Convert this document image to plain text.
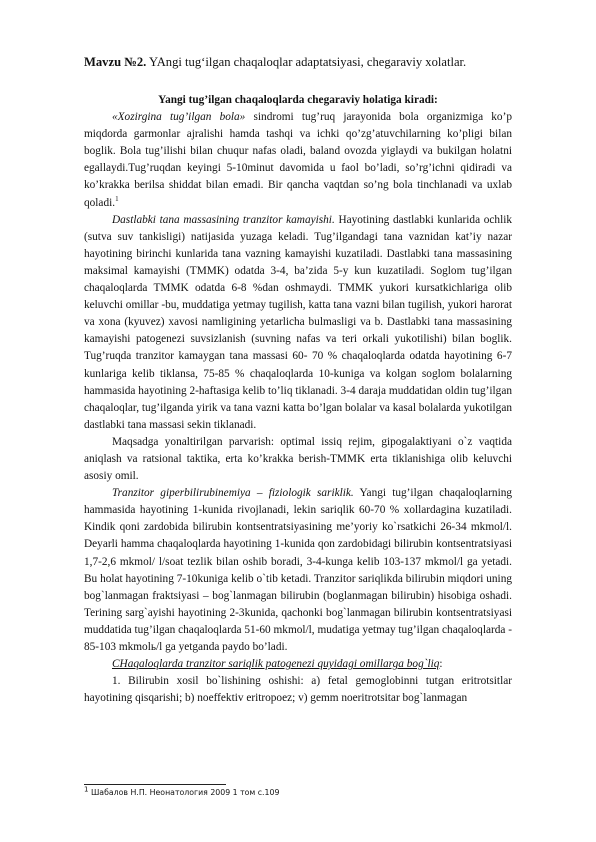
Mavzu №2. YAngi tug‘ilgan chaqaloqlar adaptatsiyasi, chegaraviy xolatlar.

Yangi tug’ilgan chaqaloqlarda chegaraviy holatiga kiradi:

«Xozirgina tug’ilgan bola» sindromi tug’ruq jarayonida bola organizmiga ko’p miqdorda garmonlar ajralishi hamda tashqi va ichki qo’zg’atuvchilarning ko’pligi bilan boglik. Bola tug’ilishi bilan chuqur nafas oladi, baland ovozda yiglaydi va bukilgan holatni egallaydi.Tug’ruqdan keyingi 5-10minut davomida u faol bo’ladi, so’rg’ichni qidiradi va ko’krakka berilsa shiddat bilan emadi. Bir qancha vaqtdan so’ng bola tinchlanadi va uxlab qoladi.$^1$

Dastlabki tana massasining tranzitor kamayishi. Hayotining dastlabki kunlarida ochlik (sutva suv tankisligi) natijasida yuzaga keladi. Tug’ilgandagi tana vaznidan kat’iy nazar hayotining birinchi kunlarida tana vazning kamayishi kuzatiladi. Dastlabki tana massasining maksimal kamayishi (TMMK) odatda 3-4, ba’zida 5-y kun kuzatiladi. Soglom tug’ilgan chaqaloqlarda TMMK odatda 6-8 %dan oshmaydi. TMMK yukori kursatkichlariga olib keluvchi omillar -bu, muddatiga yetmay tugilish, katta tana vazni bilan tugilish, yukori harorat va xona (kyuvez) xavosi namligining yetarlicha bulmasligi va b. Dastlabki tana massasining kamayishi patogenezi suvsizlanish (suvning nafas va teri orkali yukotilishi) bilan boglik. Tug’ruqda tranzitor kamaygan tana massasi 60- 70 % chaqaloqlarda odatda hayotining 6-7 kunlariga kelib tiklansa, 75-85 % chaqaloqlarda 10-kuniga va kolgan soglom bolalarning hammasida hayotining 2-haftasiga kelib to’liq tiklanadi. 3-4 daraja muddatidan oldin tug’ilgan chaqaloqlar, tug’ilganda yirik va tana vazni katta bo’lgan bolalar va kasal bolalarda yukotilgan dastlabki tana massasi sekin tiklanadi.

Maqsadga yonaltirilgan parvarish: optimal issiq rejim, gipogalaktiyani o`z vaqtida aniqlash va ratsional taktika, erta ko’krakka berish-TMMK erta tiklanishiga olib keluvchi asosiy omil.

Tranzitor giperbilirubinemiya – fiziologik sariklik. Yangi tug’ilgan chaqaloqlarning hammasida hayotining 1-kunida rivojlanadi, lekin sariqlik 60-70 % xollardagina kuzatiladi. Kindik qoni zardobida bilirubin kontsentratsiyasining me’yoriy ko`rsatkichi 26-34 mkmol/l. Deyarli hamma chaqaloqlarda hayotining 1-kunida qon zardobidagi bilirubin kontsentratsiyasi 1,7-2,6 mkmol/ l/soat tezlik bilan oshib boradi, 3-4-kunga kelib 103-137 mkmol/l ga yetadi. Bu holat hayotining 7-10kuniga kelib o`tib ketadi. Tranzitor sariqlikda bilirubin miqdori uning bog`lanmagan fraktsiyasi – bog`lanmagan bilirubin (boglanmagan bilirubin) hisobiga oshadi. Terining sarg`ayishi hayotining 2-3kunida, qachonki bog`lanmagan bilirubin kontsentratsiyasi muddatida tug’ilgan chaqaloqlarda 51-60 mkmol/l, mudatiga yetmay tug’ilgan chaqaloqlarda - 85-103 mkmolь/l ga yetganda paydo bo’ladi.

CHaqaloqlarda tranzitor sariqlik patogenezi quyidagi omillarga bog`liq:

1. Bilirubin xosil bo`lishining oshishi: a) fetal gemoglobinni tutgan eritrotsitlar hayotining qisqarishi; b) noeffektiv eritropoez; v) gemm noeritrotsitar bog`lanmagan

$^1$ Шабалов Н.П. Неонатология 2009 1 том с.109
